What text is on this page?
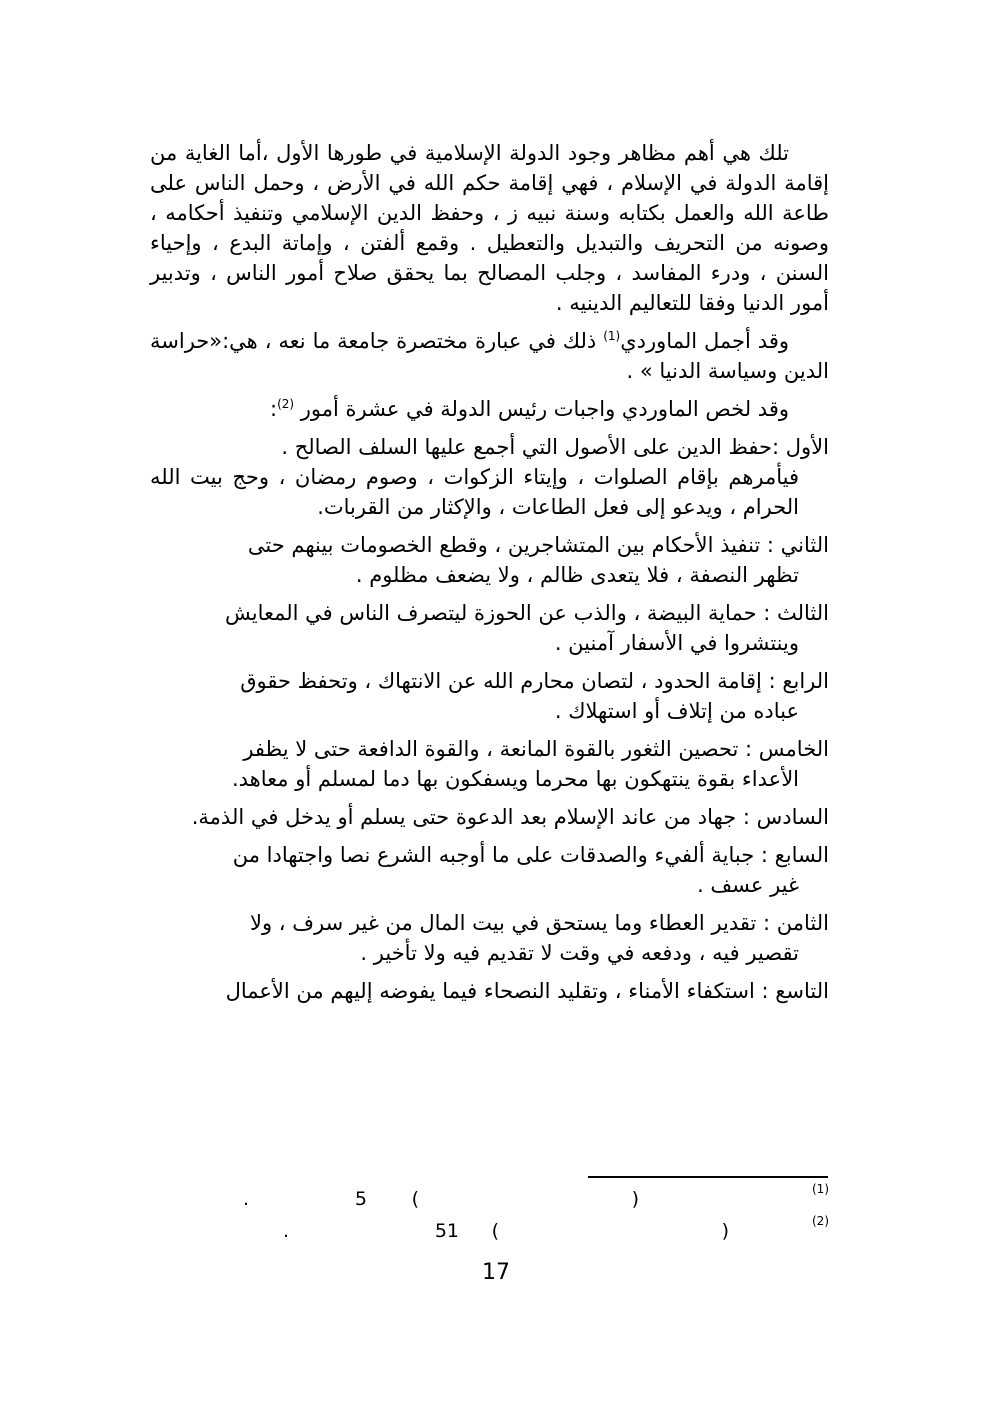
تلك هي أهم مظاهر وجود الدولة الإسلامية في طورها الأول ،أما الغاية من إقامة الدولة في الإسلام ، فهي إقامة حكم الله في الأرض ، وحمل الناس على طاعة الله والعمل بكتابه وسنة نبيه ز ، وحفظ الدين الإسلامي وتنفيذ أحكامه ، وصونه من التحريف والتبديل والتعطيل . وقمع ألفتن ، وإماتة البدع ، وإحياء السنن ، ودرء المفاسد ، وجلب المصالح بما يحقق صلاح أمور الناس ، وتدبير أمور الدنيا وفقا للتعاليم الدينيه .

وقد أجمل الماوردي$^{(1)}$ ذلك في عبارة مختصرة جامعة ما نعه ، هي:«حراسة الدين وسياسة الدنيا » .

وقد لخص الماوردي واجبات رئيس الدولة في عشرة أمور $^{(2)}$:

الأول :حفظ الدين على الأصول التي أجمع عليها السلف الصالح .
فيأمرهم بإقام الصلوات ، وإيتاء الزكوات ، وصوم رمضان ، وحج بيت الله الحرام ، ويدعو إلى فعل الطاعات ، والإكثار من القربات.
الثاني : تنفيذ الأحكام بين المتشاجرين ، وقطع الخصومات بينهم حتى
تظهر النصفة ، فلا يتعدى ظالم ، ولا يضعف مظلوم .
الثالث : حماية البيضة ، والذب عن الحوزة ليتصرف الناس في المعايش
وينتشروا في الأسفار آمنين .
الرابع : إقامة الحدود ، لتصان محارم الله عن الانتهاك ، وتحفظ حقوق
عباده من إتلاف أو استهلاك .
الخامس : تحصين الثغور بالقوة المانعة ، والقوة الدافعة حتى لا يظفر
الأعداء بقوة ينتهكون بها محرما ويسفكون بها دما لمسلم أو معاهد.
السادس : جهاد من عاند الإسلام بعد الدعوة حتى يسلم أو يدخل في الذمة.
السابع : جباية ألفيء والصدقات على ما أوجبه الشرع نصا واجتهادا من
غير عسف .
الثامن : تقدير العطاء وما يستحق في بيت المال من غير سرف ، ولا
تقصير فيه ، ودفعه في وقت لا تقديم فيه ولا تأخير .
التاسع : استكفاء الأمناء ، وتقليد النصحاء فيما يفوضه إليهم من الأعمال
(1)
(
)
5
.
(2)
(
)
51
.
17
